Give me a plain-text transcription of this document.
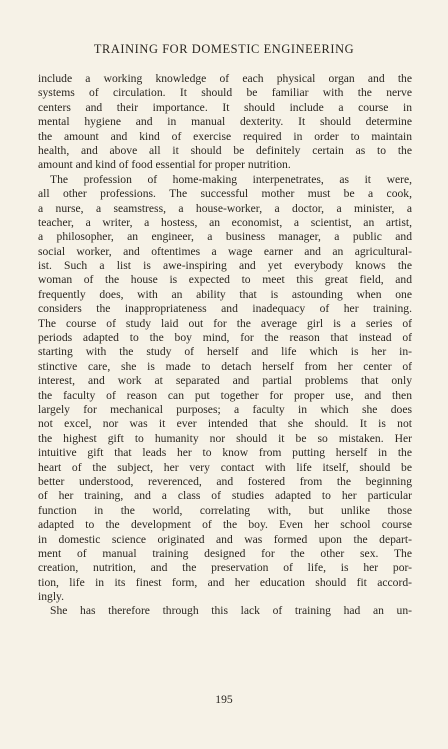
TRAINING FOR DOMESTIC ENGINEERING
include a working knowledge of each physical organ and the
systems of circulation. It should be familiar with the nerve
centers and their importance. It should include a course in
mental hygiene and in manual dexterity. It should determine
the amount and kind of exercise required in order to maintain
health, and above all it should be definitely certain as to the
amount and kind of food essential for proper nutrition.
The profession of home-making interpenetrates, as it were,
all other professions. The successful mother must be a cook,
a nurse, a seamstress, a house-worker, a doctor, a minister, a
teacher, a writer, a hostess, an economist, a scientist, an artist,
a philosopher, an engineer, a business manager, a public and
social worker, and oftentimes a wage earner and an agricultural-
ist. Such a list is awe-inspiring and yet everybody knows the
woman of the house is expected to meet this great field, and
frequently does, with an ability that is astounding when one
considers the inappropriateness and inadequacy of her training.
The course of study laid out for the average girl is a series of
periods adapted to the boy mind, for the reason that instead of
starting with the study of herself and life which is her in-
stinctive care, she is made to detach herself from her center of
interest, and work at separated and partial problems that only
the faculty of reason can put together for proper use, and then
largely for mechanical purposes; a faculty in which she does
not excel, nor was it ever intended that she should. It is not
the highest gift to humanity nor should it be so mistaken. Her
intuitive gift that leads her to know from putting herself in the
heart of the subject, her very contact with life itself, should be
better understood, reverenced, and fostered from the beginning
of her training, and a class of studies adapted to her particular
function in the world, correlating with, but unlike those
adapted to the development of the boy. Even her school course
in domestic science originated and was formed upon the depart-
ment of manual training designed for the other sex. The
creation, nutrition, and the preservation of life, is her por-
tion, life in its finest form, and her education should fit accord-
ingly.
She has therefore through this lack of training had an un-
195
